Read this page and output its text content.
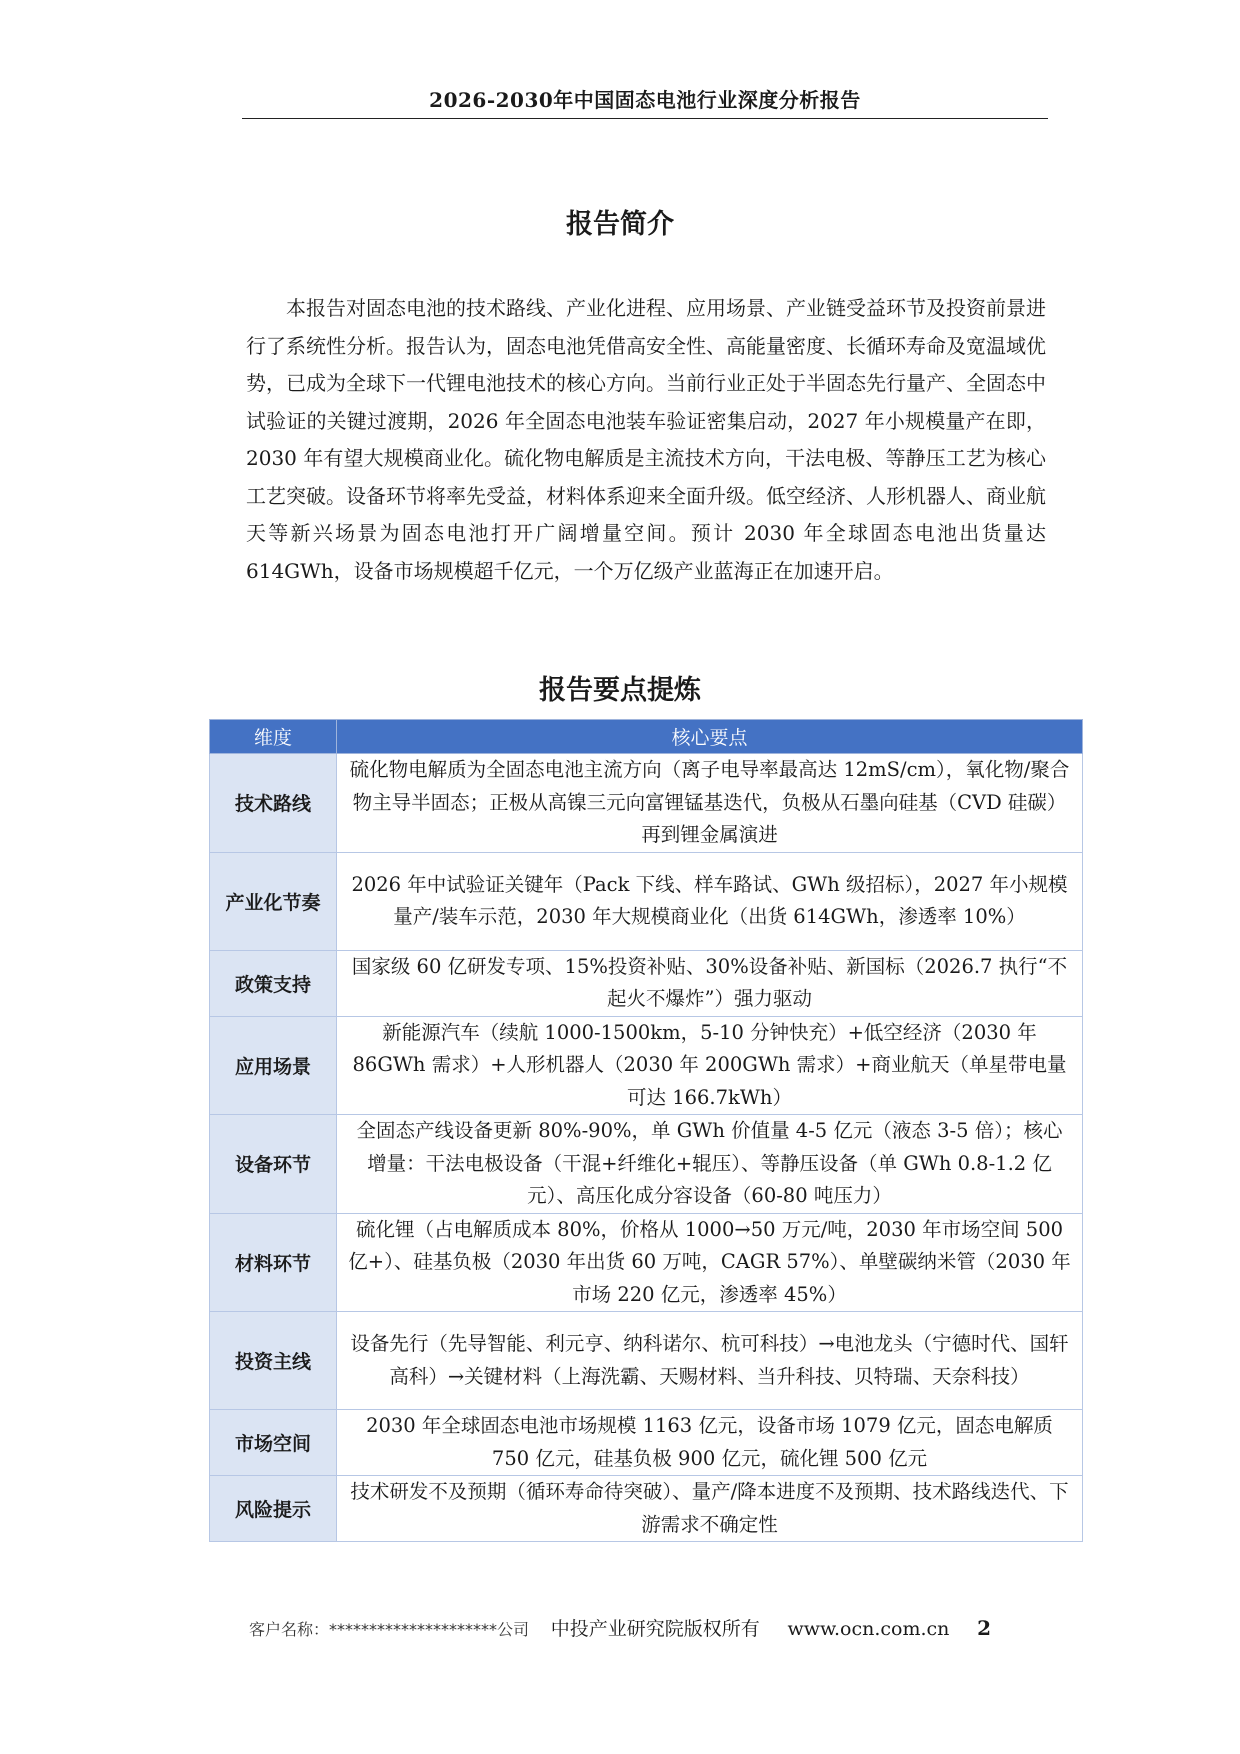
2026-2030年中国固态电池行业深度分析报告
报告简介

本报告对固态电池的技术路线、产业化进程、应用场景、产业链受益环节及投资前景进行了系统性分析。报告认为，固态电池凭借高安全性、高能量密度、长循环寿命及宽温域优势，已成为全球下一代锂电池技术的核心方向。当前行业正处于半固态先行量产、全固态中试验证的关键过渡期，2026 年全固态电池装车验证密集启动，2027 年小规模量产在即，2030 年有望大规模商业化。硫化物电解质是主流技术方向，干法电极、等静压工艺为核心工艺突破。设备环节将率先受益，材料体系迎来全面升级。低空经济、人形机器人、商业航天等新兴场景为固态电池打开广阔增量空间。预计 2030 年全球固态电池出货量达 614GWh，设备市场规模超千亿元，一个万亿级产业蓝海正在加速开启。

报告要点提炼
维度	核心要点
技术路线	硫化物电解质为全固态电池主流方向（离子电导率最高达 12mS/cm），氧化物/聚合物主导半固态；正极从高镍三元向富锂锰基迭代，负极从石墨向硅基（CVD 硅碳）再到锂金属演进
产业化节奏	2026 年中试验证关键年（Pack 下线、样车路试、GWh 级招标），2027 年小规模量产/装车示范，2030 年大规模商业化（出货 614GWh，渗透率 10%）
政策支持	国家级 60 亿研发专项、15%投资补贴、30%设备补贴、新国标（2026.7 执行“不起火不爆炸”）强力驱动
应用场景	新能源汽车（续航 1000-1500km，5-10 分钟快充）+低空经济（2030 年 86GWh 需求）+人形机器人（2030 年 200GWh 需求）+商业航天（单星带电量可达 166.7kWh）
设备环节	全固态产线设备更新 80%-90%，单 GWh 价值量 4-5 亿元（液态 3-5 倍）；核心增量：干法电极设备（干混+纤维化+辊压）、等静压设备（单 GWh 0.8-1.2 亿元）、高压化成分容设备（60-80 吨压力）
材料环节	硫化锂（占电解质成本 80%，价格从 1000→50 万元/吨，2030 年市场空间 500 亿+）、硅基负极（2030 年出货 60 万吨，CAGR 57%）、单壁碳纳米管（2030 年市场 220 亿元，渗透率 45%）
投资主线	设备先行（先导智能、利元亨、纳科诺尔、杭可科技）→电池龙头（宁德时代、国轩高科）→关键材料（上海洗霸、天赐材料、当升科技、贝特瑞、天奈科技）
市场空间	2030 年全球固态电池市场规模 1163 亿元，设备市场 1079 亿元，固态电解质 750 亿元，硅基负极 900 亿元，硫化锂 500 亿元
风险提示	技术研发不及预期（循环寿命待突破）、量产/降本进度不及预期、技术路线迭代、下游需求不确定性
客户名称：*********************公司 中投产业研究院版权所有 www.ocn.com.cn 2
